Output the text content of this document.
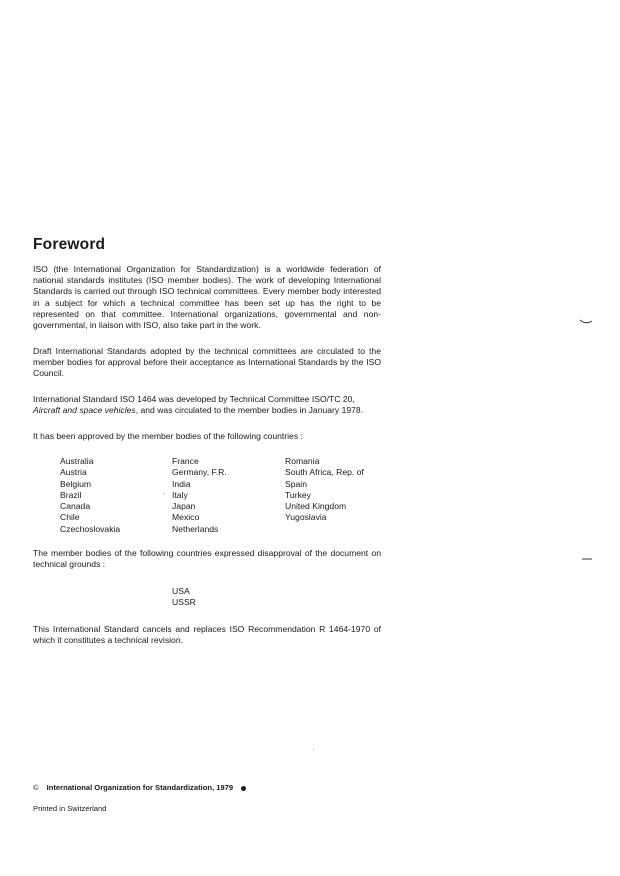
Foreword

ISO (the International Organization for Standardization) is a worldwide federation of national standards institutes (ISO member bodies). The work of developing International Standards is carried out through ISO technical committees. Every member body interested in a subject for which a technical committee has been set up has the right to be represented on that committee. International organizations, governmental and non-governmental, in liaison with ISO, also take part in the work.

Draft International Standards adopted by the technical committees are circulated to the member bodies for approval before their acceptance as International Standards by the ISO Council.

International Standard ISO 1464 was developed by Technical Committee ISO/TC 20,
Aircraft and space vehicles, and was circulated to the member bodies in January 1978.

It has been approved by the member bodies of the following countries :

Australia
Austria
Belgium
Brazil
Canada
Chile
Czechoslovakia
France
Germany, F.R.
India
Italy
Japan
Mexico
Netherlands
Romania
South Africa, Rep. of
Spain
Turkey
United Kingdom
Yugoslavia

The member bodies of the following countries expressed disapproval of the document on technical grounds :

USA
USSR

This International Standard cancels and replaces ISO Recommendation R 1464-1970 of which it constitutes a technical revision.

© International Organization for Standardization, 1979

Printed in Switzerland
